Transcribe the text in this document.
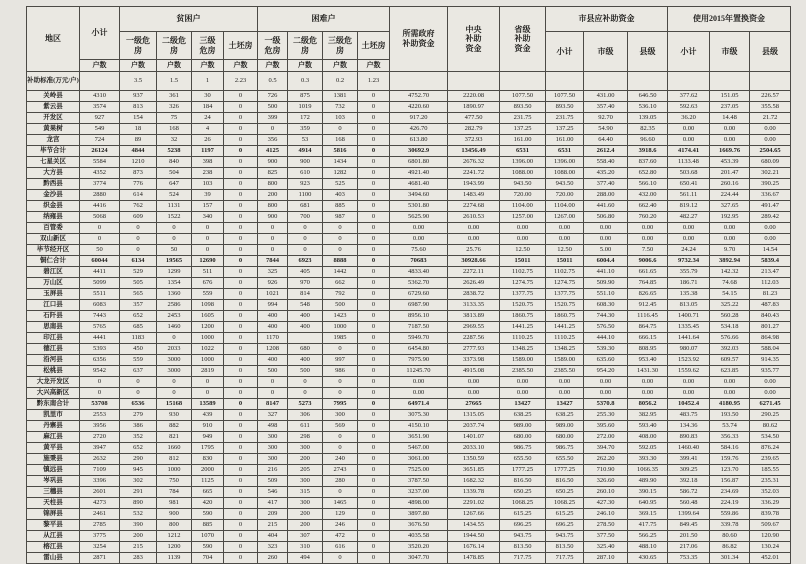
地区	小计	贫困户				困难户				所需政府补助资金	中央补助资金	省级补助资金	市县应补助资金			使用2015年置换资金		
		一级危房	二级危房	三级危房	土坯房	一级危房	二级危房	三级危房	土坯房				小计	市级	县级	小计	市级	县级
	户数	户数	户数	户数	户数	户数	户数	户数	户数									
补助标准(万元/户)		3.5	1.5	1	2.23	0.5	0.3	0.2	1.23									
关岭县	4310	937	361	30	0	726	875	1381	0	4752.70	2220.08	1077.50	1077.50	431.00	646.50	377.62	151.05	226.57
紫云县	3574	813	326	184	0	500	1019	732	0	4220.60	1890.97	893.50	893.50	357.40	536.10	592.63	237.05	355.58
开发区	927	154	75	24	0	399	172	103	0	917.20	477.50	231.75	231.75	92.70	139.05	36.20	14.48	21.72
黄果树	549	18	168	4	0	0	359	0	0	426.70	282.79	137.25	137.25	54.90	82.35	0.00	0.00	0.00
龙宫	724	89	32	26	0	356	53	168	0	613.80	372.93	161.00	161.00	64.40	96.60	0.00	0.00	0.00
毕节合计	26124	4844	5238	1197	0	4125	4914	5816	0	30692.9	13456.49	6531	6531	2612.4	3918.6	4174.41	1669.76	2504.65
七星关区	5584	1210	840	398	0	900	900	1434	0	6801.80	2676.32	1396.00	1396.00	558.40	837.60	1133.48	453.39	680.09
大方县	4352	873	504	238	0	825	610	1282	0	4921.40	2241.72	1088.00	1088.00	435.20	652.80	503.68	201.47	302.21
黔西县	3774	776	647	103	0	800	923	525	0	4681.40	1943.99	943.50	943.50	377.40	566.10	650.41	260.16	390.25
金沙县	2880	614	524	39	0	200	1100	403	0	3494.60	1483.49	720.00	720.00	288.00	432.00	561.11	224.44	336.67
织金县	4416	762	1131	157	0	800	681	885	0	5301.80	2274.68	1104.00	1104.00	441.60	662.40	819.12	327.65	491.47
纳雍县	5068	609	1522	340	0	900	700	987	0	5625.90	2610.53	1257.00	1267.00	506.80	760.20	482.27	192.95	289.42
百管委	0	0	0	0	0	0	0	0	0	0.00	0.00	0.00	0.00	0.00	0.00	0.00	0.00	0.00
双山新区	0	0	0	0	0	0	0	0	0	0.00	0.00	0.00	0.00	0.00	0.00	0.00	0.00	0.00
毕节经开区	50	0	50	0	0	0	0	0	0	75.60	25.76	12.50	12.50	5.00	7.50	24.24	9.70	14.54
铜仁合计	60044	6134	19565	12690	0	7844	6923	8888	0	70683	30928.66	15011	15011	6004.4	9006.6	9732.34	3892.94	5839.4
碧江区	4411	529	1299	511	0	325	405	1442	0	4833.40	2272.11	1102.75	1102.75	441.10	661.65	355.79	142.32	213.47
万山区	5099	505	1354	676	0	926	970	662	0	5362.70	2626.49	1274.75	1274.75	509.90	764.85	186.71	74.68	112.03
玉屏县	5511	565	1360	559	0	1021	814	792	0	6729.60	2838.72	1377.75	1377.75	551.10	826.65	135.38	54.15	81.23
江口县	6083	357	2586	1098	0	994	548	500	0	6987.90	3133.35	1520.75	1520.75	608.30	912.45	813.05	325.22	487.83
石阡县	7443	652	2453	1605	0	400	400	1423	0	8956.10	3813.89	1860.75	1860.75	744.30	1116.45	1400.71	560.28	840.43
思南县	5765	685	1460	1200	0	400	400	1000	0	7187.50	2969.55	1441.25	1441.25	576.50	864.75	1335.45	534.18	801.27
印江县	4441	1183	0	1000	0	1170		1985	0	5949.70	2287.56	1110.25	1110.25	444.10	666.15	1441.64	576.66	864.98
德江县	5393	450	2033	1022	0	1208	680	0	0	6454.80	2777.93	1348.25	1348.25	539.30	808.95	980.07	392.03	588.04
沿河县	6356	559	3000	1000	0	400	400	997	0	7975.90	3373.98	1589.00	1589.00	635.60	953.40	1523.92	609.57	914.35
松桃县	9542	637	3000	2819	0	500	500	986	0	11245.70	4915.08	2385.50	2385.50	954.20	1431.30	1559.62	623.85	935.77
大龙开发区	0	0	0	0	0	0	0	0	0	0.00	0.00	0.00	0.00	0.00	0.00	0.00	0.00	0.00
大兴高新区	0	0	0	0	0	0	0	0	0	0.00	0.00	0.00	0.00	0.00	0.00	0.00	0.00	0.00
黔东南合计	53708	6536	15168	13589	0	8147	5273	7995	0	64971.4	27665	13427	13427	5370.8	8056.2	10452.4	4180.95	6271.45
凯里市	2553	279	930	439	0	327	306	300	0	3075.30	1315.05	638.25	638.25	255.30	382.95	483.75	193.50	290.25
丹寨县	3956	386	882	910	0	498	611	569	0	4150.10	2037.74	989.00	989.00	395.60	593.40	134.36	53.74	80.62
麻江县	2720	352	821	949	0	300	298	0	0	3651.90	1401.07	680.00	680.00	272.00	408.00	890.83	356.33	534.50
黄平县	3947	652	1660	1795	0	300	300	0	0	5467.00	2033.10	986.75	986.75	394.70	592.05	1460.40	584.16	876.24
施秉县	2632	290	812	830	0	300	200	240	0	3061.00	1350.59	655.50	655.50	262.20	393.30	399.41	159.76	239.65
镇远县	7109	945	1000	2000	0	216	205	2743	0	7525.00	3651.85	1777.25	1777.25	710.90	1066.35	309.25	123.70	185.55
岑巩县	3396	302	750	1125	0	509	300	280	0	3787.50	1682.32	816.50	816.50	326.60	489.90	392.18	156.87	235.31
三穗县	2601	291	784	665	0	546	315	0	0	3237.00	1339.78	650.25	650.25	260.10	390.15	586.72	234.69	352.03
天柱县	4273	890	981	420	0	417	300	1465	0	4898.00	2291.02	1068.25	1068.25	427.30	640.95	560.48	224.19	336.29
锦屏县	2461	532	900	590	0	209	200	129	0	3897.80	1267.66	615.25	615.25	246.10	369.15	1399.64	559.86	839.78
黎平县	2785	390	800	885	0	215	200	246	0	3676.50	1434.55	696.25	696.25	278.50	417.75	849.45	339.78	509.67
从江县	3775	200	1212	1070	0	404	307	472	0	4035.58	1944.50	943.75	943.75	377.50	566.25	201.50	80.60	120.90
榕江县	3254	215	1200	590	0	323	310	616	0	3520.20	1676.14	813.50	813.50	325.40	488.10	217.06	86.82	130.24
雷山县	2871	283	1139	704	0	260	494	0	0	3047.70	1478.85	717.75	717.75	287.10	430.65	753.35	301.34	452.01
